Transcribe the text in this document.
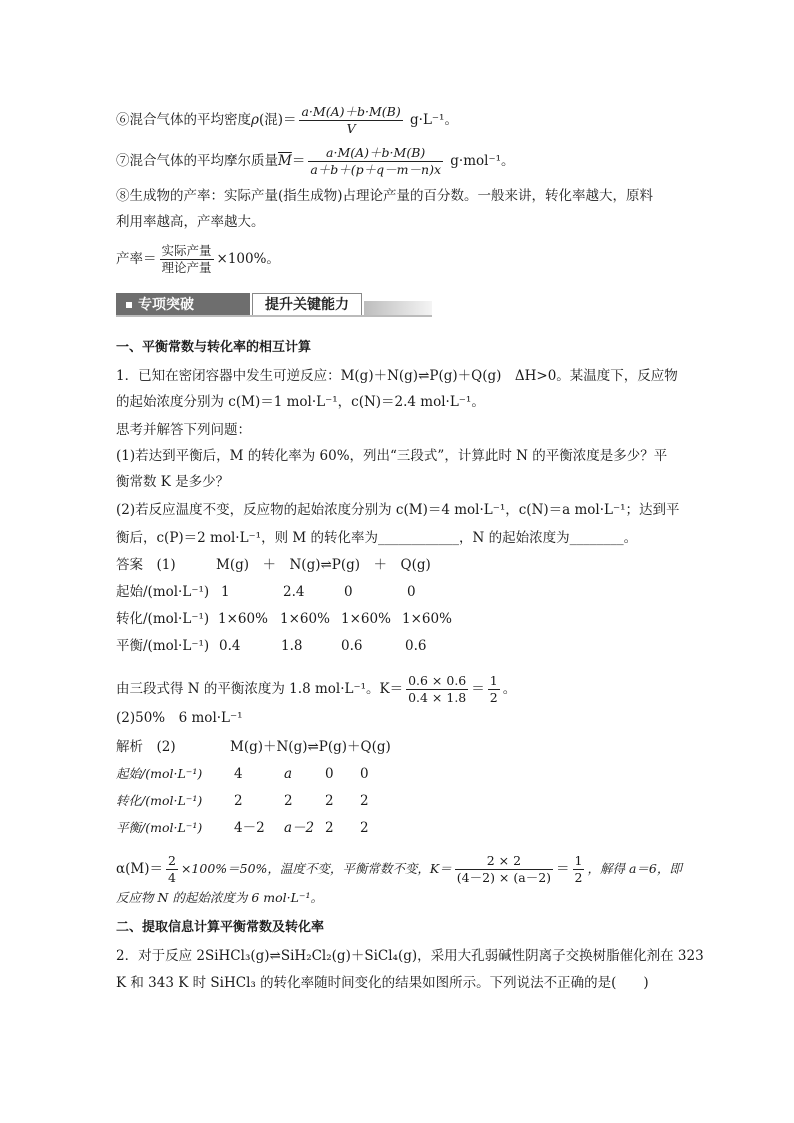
⑥混合气体的平均密度ρ(混)＝ $\frac{a\cdot M(A)+b\cdot M(B)}{V} g\cdot L^{-1}$。
⑦混合气体的平均摩尔质量$\overline{M}= \frac{a\cdot M(A)+b\cdot M(B)}{a+b+(p+q-m-n)x} g\cdot mol^{-1}$。
⑧生成物的产率：实际产量(指生成物)占理论产量的百分数。一般来讲，转化率越大，原料
利用率越高，产率越大。
产率＝ $\frac{\text{实际产量}}{\text{理论产量}} \times 100\%$。
专项突破	提升关键能力
一、平衡常数与转化率的相互计算
1．已知在密闭容器中发生可逆反应：M(g)＋N(g)⇌P(g)＋Q(g)　ΔH>0。某温度下，反应物
的起始浓度分别为 c(M)＝1 mol·L⁻¹，c(N)＝2.4 mol·L⁻¹。
思考并解答下列问题：
(1)若达到平衡后，M 的转化率为 60%，列出“三段式”，计算此时 N 的平衡浓度是多少？平
衡常数 K 是多少？
(2)若反应温度不变，反应物的起始浓度分别为 c(M)＝4 mol·L⁻¹，c(N)＝a mol·L⁻¹；达到平
衡后，c(P)＝2 mol·L⁻¹，则 M 的转化率为____________，N 的起始浓度为________。
答案　(1)	M(g)　＋　N(g)⇌P(g)　＋　Q(g)
起始/(mol·L⁻¹) 1	2.4	0	0
转化/(mol·L⁻¹) 1×60% 1×60% 1×60% 1×60%
平衡/(mol·L⁻¹) 0.4	1.8	0.6	0.6
由三段式得 N 的平衡浓度为 1.8 mol·L⁻¹。$K= \frac{0.6 \times 0.6}{0.4 \times 1.8} = \frac{1}{2}$ 。
(2)50%　6 mol·L⁻¹
解析　(2)	M(g)＋N(g)⇌P(g)＋Q(g)
起始/(mol·L⁻¹) 4	a 0 0
转化/(mol·L⁻¹) 2	2 2 2
平衡/(mol·L⁻¹) 4－2 a－2 2 2
$\alpha(M)= \frac{2}{4} \times 100\%=50\%$，温度不变，平衡常数不变，$K= \frac{2 \times 2}{(4-2) \times (a-2)} = \frac{1}{2}$ ，解得 a＝6，即
反应物 N 的起始浓度为 6 mol·L⁻¹。
二、提取信息计算平衡常数及转化率
2．对于反应 2SiHCl₃(g)⇌SiH₂Cl₂(g)＋SiCl₄(g)，采用大孔弱碱性阴离子交换树脂催化剂在 323
K 和 343 K 时 SiHCl₃ 的转化率随时间变化的结果如图所示。下列说法不正确的是(　　)
